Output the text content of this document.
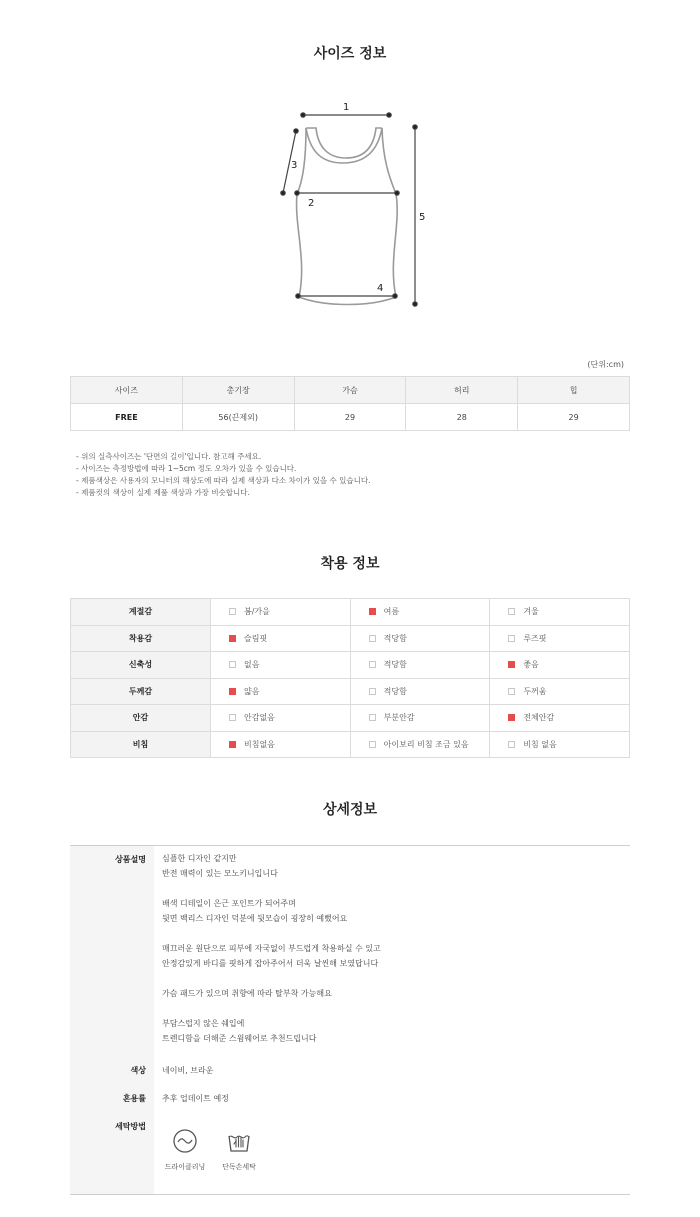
사이즈 정보
1
2
3
4
5
(단위:cm)
사이즈	총기장	가슴	허리	힙
FREE	56(끈제외)	29	28	29
- 위의 실측사이즈는 '단면의 길이'입니다. 참고해 주세요.
- 사이즈는 측정방법에 따라 1~5cm 정도 오차가 있을 수 있습니다.
- 제품색상은 사용자의 모니터의 해상도에 따라 실제 색상과 다소 차이가 있을 수 있습니다.
- 제품컷의 색상이 실제 제품 색상과 가장 비슷합니다.
착용 정보
계절감	봄/가을	여름	겨울
착용감	슬림핏	적당함	루즈핏
신축성	없음	적당함	좋음
두께감	얇음	적당함	두꺼움
안감	안감없음	부분안감	전체안감
비침	비침없음	아이보리 비침 조금 있음	비침 없음
상세정보
상품설명 심플한 디자인 같지만

반전 매력이 있는 모노키니입니다

배색 디테일이 은근 포인트가 되어주며

뒷면 백리스 디자인 덕분에 뒷모습이 굉장히 예뻤어요

매끄러운 원단으로 피부에 자국없이 부드럽게 착용하실 수 있고

안정감있게 바디를 핏하게 잡아주어서 더욱 날씬해 보였답니다

가슴 패드가 있으며 취향에 따라 탈부착 가능해요

부담스럽지 않은 쉐입에

트렌디함을 더해준 스윔웨어로 추천드립니다

색상 네이비, 브라운
혼용률 추후 업데이트 예정
세탁방법
드라이클리닝	단독손세탁
